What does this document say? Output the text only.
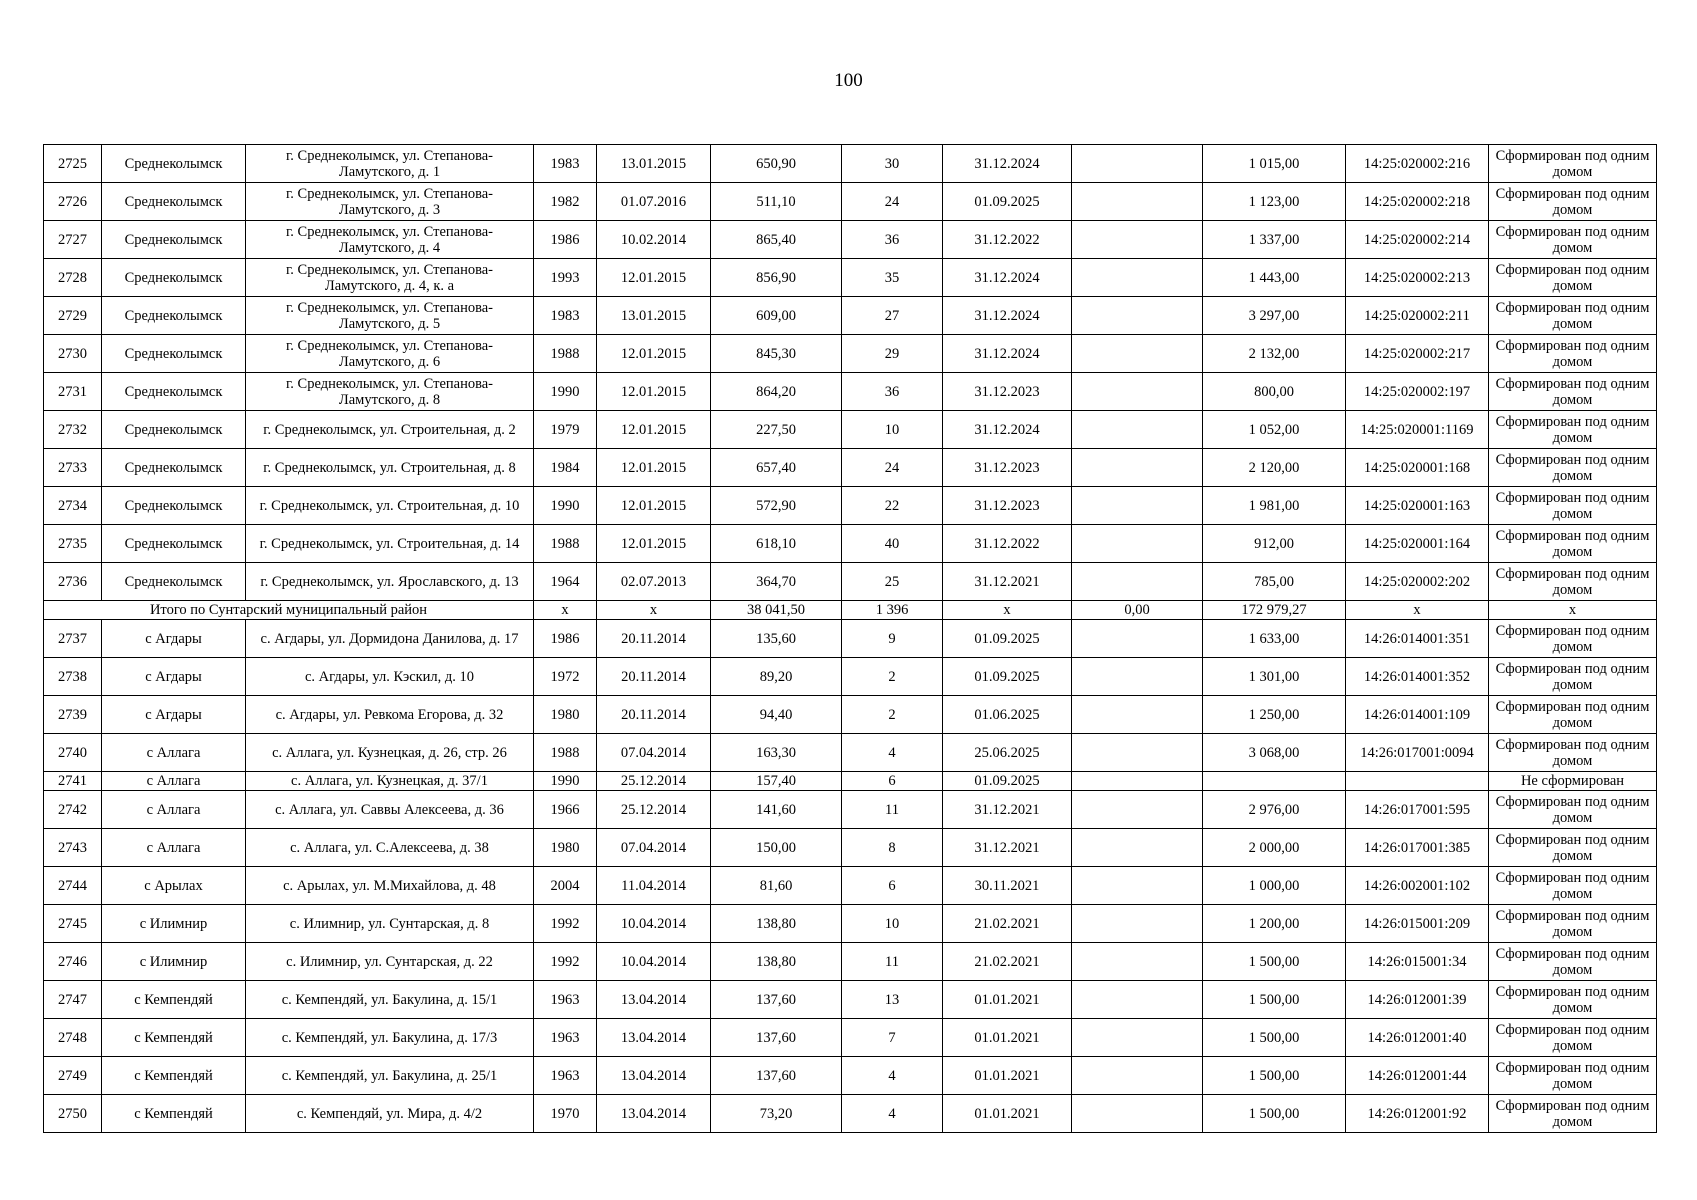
100
2725	Среднеколымск	г. Среднеколымск, ул. Степанова-Ламутского, д. 1	1983	13.01.2015	650,90	30	31.12.2024		1 015,00	14:25:020002:216	Сформирован под одним домом
2726	Среднеколымск	г. Среднеколымск, ул. Степанова-Ламутского, д. 3	1982	01.07.2016	511,10	24	01.09.2025		1 123,00	14:25:020002:218	Сформирован под одним домом
2727	Среднеколымск	г. Среднеколымск, ул. Степанова-Ламутского, д. 4	1986	10.02.2014	865,40	36	31.12.2022		1 337,00	14:25:020002:214	Сформирован под одним домом
2728	Среднеколымск	г. Среднеколымск, ул. Степанова-Ламутского, д. 4, к. а	1993	12.01.2015	856,90	35	31.12.2024		1 443,00	14:25:020002:213	Сформирован под одним домом
2729	Среднеколымск	г. Среднеколымск, ул. Степанова-Ламутского, д. 5	1983	13.01.2015	609,00	27	31.12.2024		3 297,00	14:25:020002:211	Сформирован под одним домом
2730	Среднеколымск	г. Среднеколымск, ул. Степанова-Ламутского, д. 6	1988	12.01.2015	845,30	29	31.12.2024		2 132,00	14:25:020002:217	Сформирован под одним домом
2731	Среднеколымск	г. Среднеколымск, ул. Степанова-Ламутского, д. 8	1990	12.01.2015	864,20	36	31.12.2023		800,00	14:25:020002:197	Сформирован под одним домом
2732	Среднеколымск	г. Среднеколымск, ул. Строительная, д. 2	1979	12.01.2015	227,50	10	31.12.2024		1 052,00	14:25:020001:1169	Сформирован под одним домом
2733	Среднеколымск	г. Среднеколымск, ул. Строительная, д. 8	1984	12.01.2015	657,40	24	31.12.2023		2 120,00	14:25:020001:168	Сформирован под одним домом
2734	Среднеколымск	г. Среднеколымск, ул. Строительная, д. 10	1990	12.01.2015	572,90	22	31.12.2023		1 981,00	14:25:020001:163	Сформирован под одним домом
2735	Среднеколымск	г. Среднеколымск, ул. Строительная, д. 14	1988	12.01.2015	618,10	40	31.12.2022		912,00	14:25:020001:164	Сформирован под одним домом
2736	Среднеколымск	г. Среднеколымск, ул. Ярославского, д. 13	1964	02.07.2013	364,70	25	31.12.2021		785,00	14:25:020002:202	Сформирован под одним домом
Итого по Сунтарский муниципальный район			x	x	38 041,50	1 396	x	0,00	172 979,27	x	x
2737	с Агдары	с. Агдары, ул. Дормидона Данилова, д. 17	1986	20.11.2014	135,60	9	01.09.2025		1 633,00	14:26:014001:351	Сформирован под одним домом
2738	с Агдары	с. Агдары, ул. Кэскил, д. 10	1972	20.11.2014	89,20	2	01.09.2025		1 301,00	14:26:014001:352	Сформирован под одним домом
2739	с Агдары	с. Агдары, ул. Ревкома Егорова, д. 32	1980	20.11.2014	94,40	2	01.06.2025		1 250,00	14:26:014001:109	Сформирован под одним домом
2740	с Аллага	с. Аллага, ул. Кузнецкая, д. 26, стр. 26	1988	07.04.2014	163,30	4	25.06.2025		3 068,00	14:26:017001:0094	Сформирован под одним домом
2741	с Аллага	с. Аллага, ул. Кузнецкая, д. 37/1	1990	25.12.2014	157,40	6	01.09.2025				Не сформирован
2742	с Аллага	с. Аллага, ул. Саввы Алексеева, д. 36	1966	25.12.2014	141,60	11	31.12.2021		2 976,00	14:26:017001:595	Сформирован под одним домом
2743	с Аллага	с. Аллага, ул. С.Алексеева, д. 38	1980	07.04.2014	150,00	8	31.12.2021		2 000,00	14:26:017001:385	Сформирован под одним домом
2744	с Арылах	с. Арылах, ул. М.Михайлова, д. 48	2004	11.04.2014	81,60	6	30.11.2021		1 000,00	14:26:002001:102	Сформирован под одним домом
2745	с Илимнир	с. Илимнир, ул. Сунтарская, д. 8	1992	10.04.2014	138,80	10	21.02.2021		1 200,00	14:26:015001:209	Сформирован под одним домом
2746	с Илимнир	с. Илимнир, ул. Сунтарская, д. 22	1992	10.04.2014	138,80	11	21.02.2021		1 500,00	14:26:015001:34	Сформирован под одним домом
2747	с Кемпендяй	с. Кемпендяй, ул. Бакулина, д. 15/1	1963	13.04.2014	137,60	13	01.01.2021		1 500,00	14:26:012001:39	Сформирован под одним домом
2748	с Кемпендяй	с. Кемпендяй, ул. Бакулина, д. 17/3	1963	13.04.2014	137,60	7	01.01.2021		1 500,00	14:26:012001:40	Сформирован под одним домом
2749	с Кемпендяй	с. Кемпендяй, ул. Бакулина, д. 25/1	1963	13.04.2014	137,60	4	01.01.2021		1 500,00	14:26:012001:44	Сформирован под одним домом
2750	с Кемпендяй	с. Кемпендяй, ул. Мира, д. 4/2	1970	13.04.2014	73,20	4	01.01.2021		1 500,00	14:26:012001:92	Сформирован под одним домом
